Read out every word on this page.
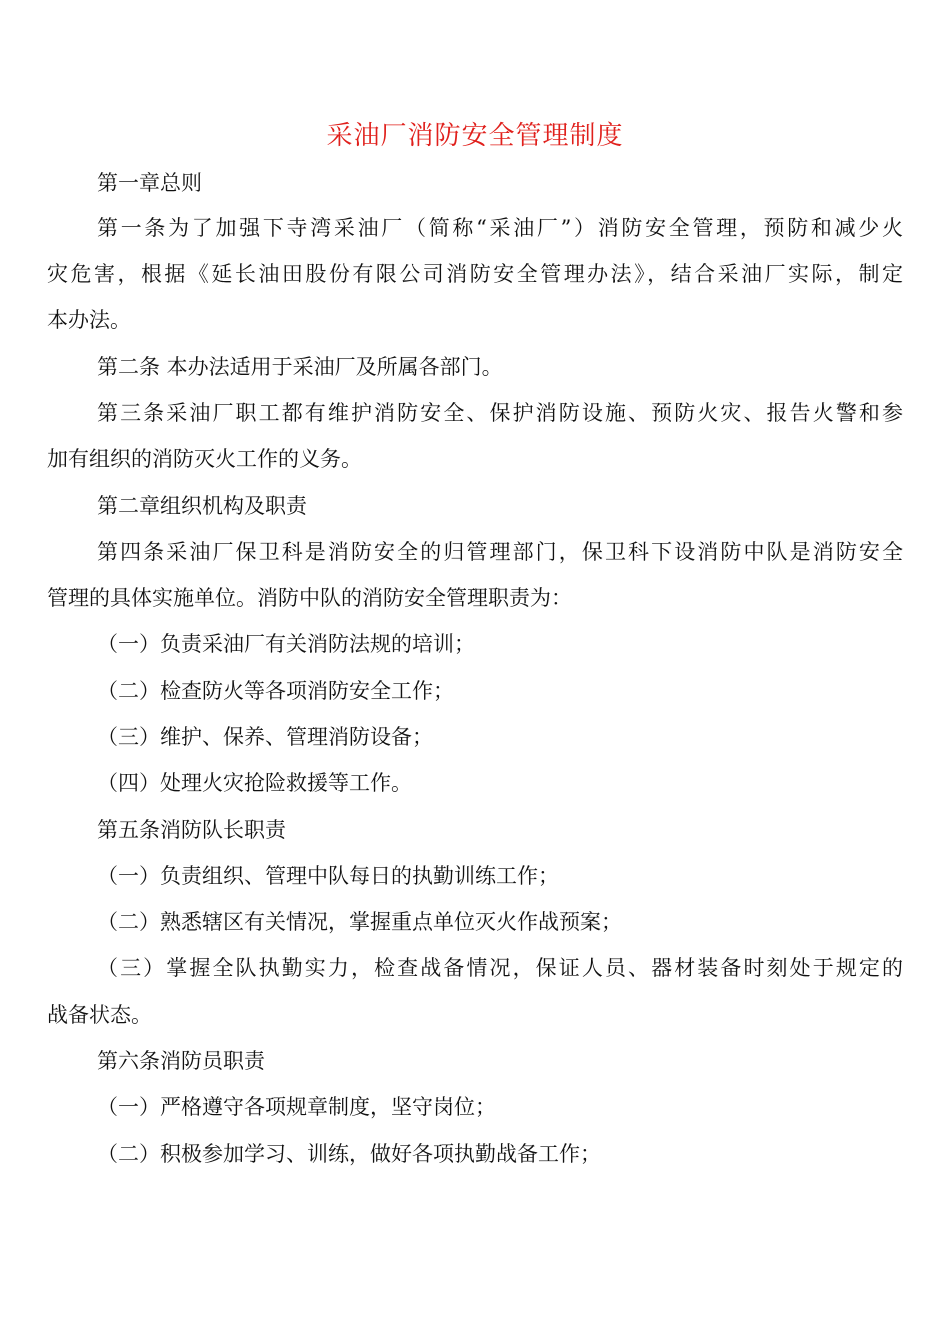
采油厂消防安全管理制度
第一章总则
第一条为了加强下寺湾采油厂（简称“采油厂”）消防安全管理，预防和减少火
灾危害，根据《延长油田股份有限公司消防安全管理办法》，结合采油厂实际，制定
本办法。
第二条 本办法适用于采油厂及所属各部门。
第三条采油厂职工都有维护消防安全、保护消防设施、预防火灾、报告火警和参
加有组织的消防灭火工作的义务。
第二章组织机构及职责
第四条采油厂保卫科是消防安全的归管理部门，保卫科下设消防中队是消防安全
管理的具体实施单位。消防中队的消防安全管理职责为：
（一）负责采油厂有关消防法规的培训；
（二）检查防火等各项消防安全工作；
（三）维护、保养、管理消防设备；
（四）处理火灾抢险救援等工作。
第五条消防队长职责
（一）负责组织、管理中队每日的执勤训练工作；
（二）熟悉辖区有关情况，掌握重点单位灭火作战预案；
（三）掌握全队执勤实力，检查战备情况，保证人员、器材装备时刻处于规定的
战备状态。
第六条消防员职责
（一）严格遵守各项规章制度，坚守岗位；
（二）积极参加学习、训练，做好各项执勤战备工作；
